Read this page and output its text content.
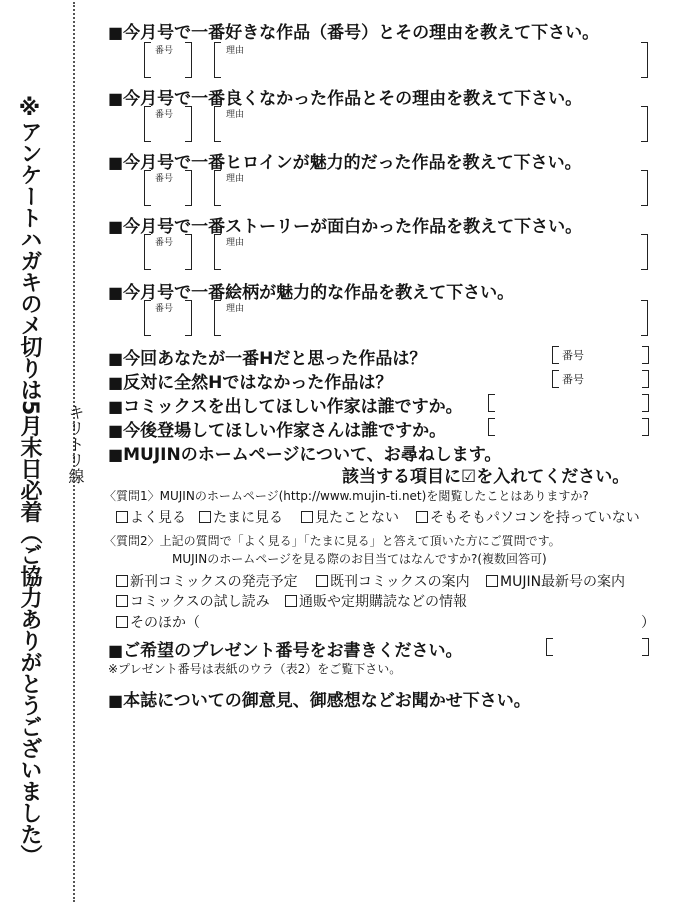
※アンケートハガキのメ切りは5月末日必着（ご協力ありがとうございました） キリトリ線
■今月号で一番好きな作品（番号）とその理由を教えて下さい。
番号	理由
■今月号で一番良くなかった作品とその理由を教えて下さい。
番号	理由
■今月号で一番ヒロインが魅力的だった作品を教えて下さい。
番号	理由
■今月号で一番ストーリーが面白かった作品を教えて下さい。
番号	理由
■今月号で一番絵柄が魅力的な作品を教えて下さい。
番号	理由
■今回あなたが一番Hだと思った作品は？	番号
■反対に全然Hではなかった作品は？	番号
■コミックスを出してほしい作家は誰ですか。
■今後登場してほしい作家さんは誰ですか。
■MUJINのホームページについて、お尋ねします。
該当する項目に☑を入れてください。
〈質問1〉MUJINのホームページ(http://www.mujin-ti.net)を閲覧したことはありますか?
よく見る	たまに見る	見たことない	そもそもパソコンを持っていない
〈質問2〉上記の質問で「よく見る」「たまに見る」と答えて頂いた方にご質問です。
MUJINのホームページを見る際のお目当てはなんですか?(複数回答可)
新刊コミックスの発売予定	既刊コミックスの案内	MUJIN最新号の案内
コミックスの試し読み	通販や定期購読などの情報
そのほか（	）
■ご希望のプレゼント番号をお書きください。
※プレゼント番号は表紙のウラ（表2）をご覧下さい。
■本誌についての御意見、御感想などお聞かせ下さい。
